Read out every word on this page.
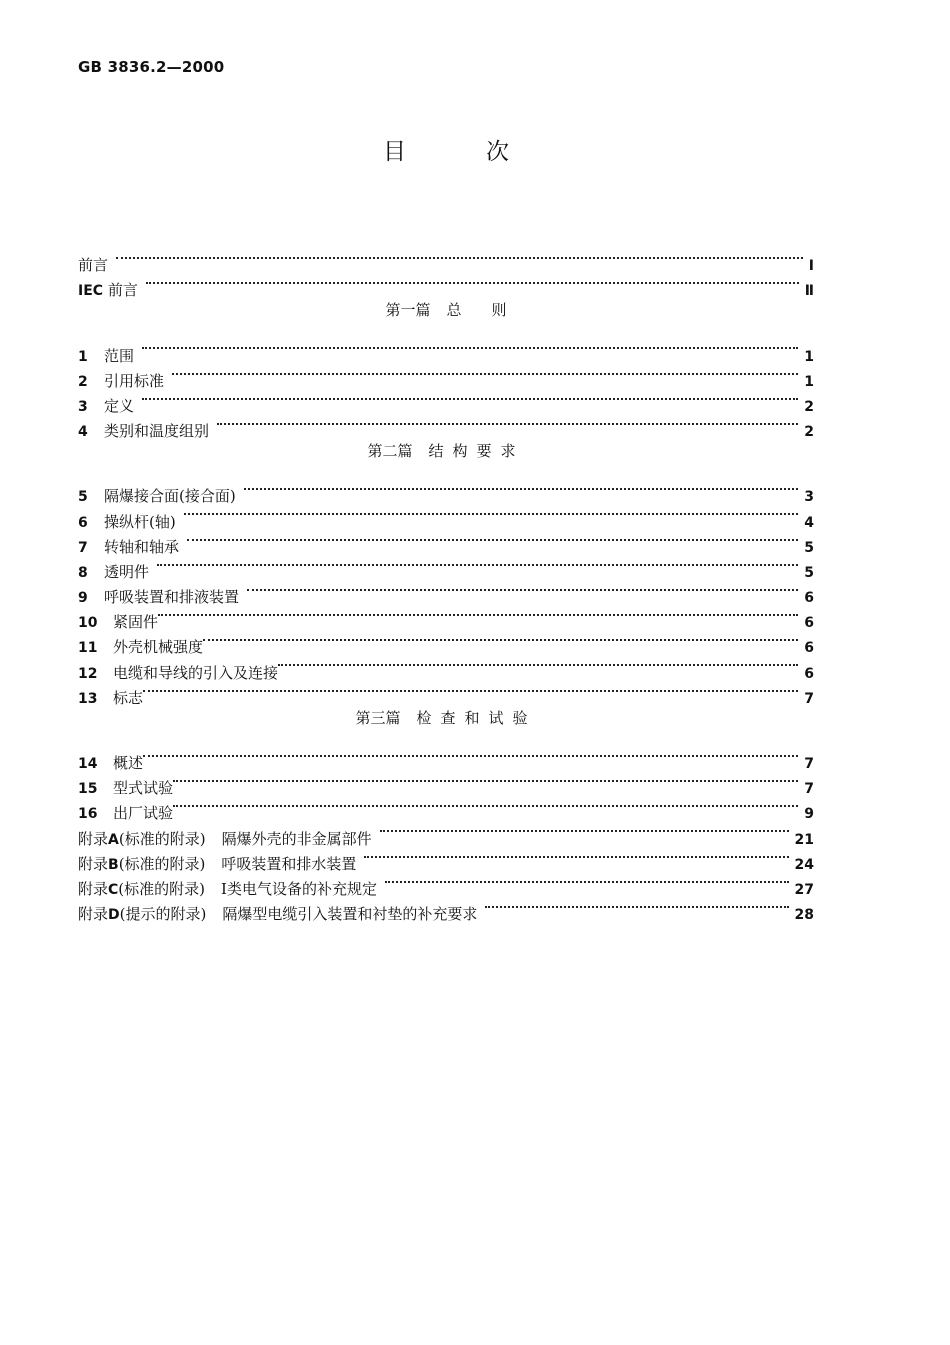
GB 3836.2—2000
目	次
前言	Ⅰ
IEC 前言	Ⅱ
第一篇 总 则
1	范围	1
2	引用标准	1
3	定义	2
4	类别和温度组别	2
第二篇 结构要求
5	隔爆接合面(接合面)	3
6	操纵杆(轴)	4
7	转轴和轴承	5
8	透明件	5
9	呼吸装置和排液装置	6
10	紧固件	6
11	外壳机械强度	6
12	电缆和导线的引入及连接	6
13	标志	7
第三篇 检查和试验
14	概述	7
15	型式试验	7
16	出厂试验	9
附录A(标准的附录) 隔爆外壳的非金属部件	21
附录B(标准的附录) 呼吸装置和排水装置	24
附录C(标准的附录) Ⅰ类电气设备的补充规定	27
附录D(提示的附录) 隔爆型电缆引入装置和衬垫的补充要求	28
